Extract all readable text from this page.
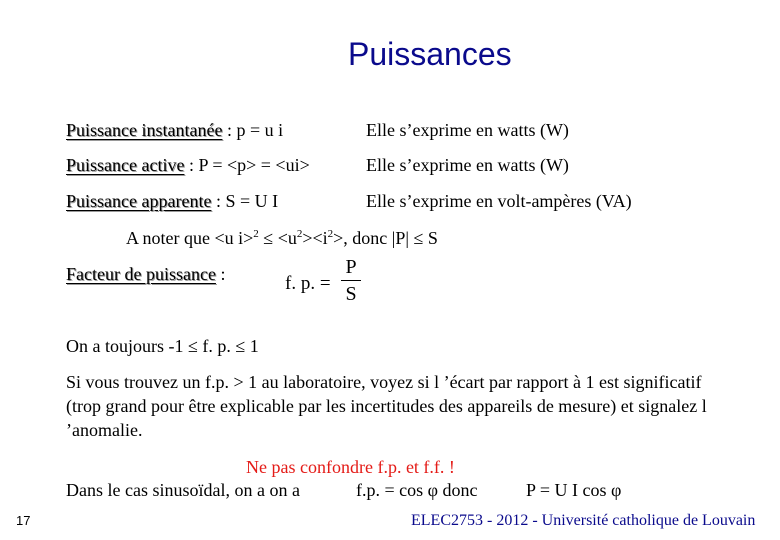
Puissances
Puissance instantanée : p = u i	Elle s’exprime en watts (W)
Puissance active : P = <p> = <ui>	Elle s’exprime en watts (W)
Puissance apparente : S = U I	Elle s’exprime en volt-ampères (VA)
A noter que <u $i>^2 \le <u^2><i^2>$, donc |P| ≤ S
Facteur de puissance :	f. p. =
P
S
On a toujours -1 ≤ f. p. ≤ 1
Si vous trouvez un f.p. > 1 au laboratoire, voyez si l ’écart par rapport à 1 est significatif (trop grand pour être explicable par les incertitudes des appareils de mesure) et signalez l ’anomalie.
Ne pas confondre f.p. et f.f. !
Dans le cas sinusoïdal, on a on a	f.p. = cos φ donc	P = U I cos φ
17	ELEC2753 - 2012 - Université catholique de Louvain
